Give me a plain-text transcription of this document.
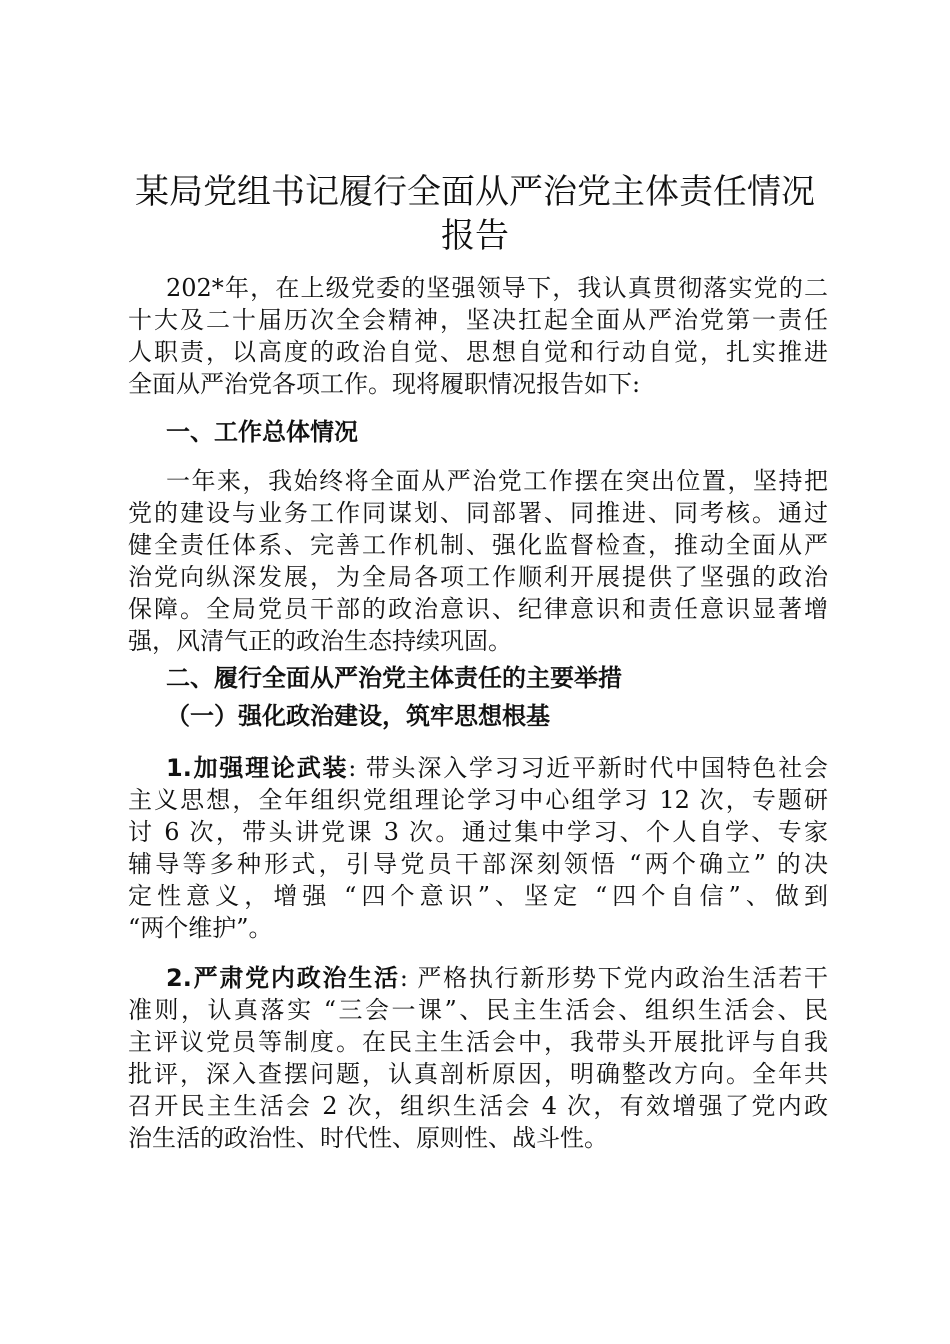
某局党组书记履行全面从严治党主体责任情况
报告
202*年，在上级党委的坚强领导下，我认真贯彻落实党的二
十大及二十届历次全会精神，坚决扛起全面从严治党第一责任
人职责，以高度的政治自觉、思想自觉和行动自觉，扎实推进
全面从严治党各项工作。现将履职情况报告如下:
一、工作总体情况
一年来，我始终将全面从严治党工作摆在突出位置，坚持把
党的建设与业务工作同谋划、同部署、同推进、同考核。通过
健全责任体系、完善工作机制、强化监督检查，推动全面从严
治党向纵深发展，为全局各项工作顺利开展提供了坚强的政治
保障。全局党员干部的政治意识、纪律意识和责任意识显著增
强，风清气正的政治生态持续巩固。
二、履行全面从严治党主体责任的主要举措
（一）强化政治建设，筑牢思想根基
1.加强理论武装: 带头深入学习习近平新时代中国特色社会
主义思想，全年组织党组理论学习中心组学习 12 次，专题研
讨 6 次，带头讲党课 3 次。通过集中学习、个人自学、专家
辅导等多种形式，引导党员干部深刻领悟 “两个确立” 的决
定性意义，增强 “四个意识”、坚定 “四个自信”、做到
“两个维护”。
2.严肃党内政治生活: 严格执行新形势下党内政治生活若干
准则，认真落实 “三会一课”、民主生活会、组织生活会、民
主评议党员等制度。在民主生活会中，我带头开展批评与自我
批评，深入查摆问题，认真剖析原因，明确整改方向。全年共
召开民主生活会 2 次，组织生活会 4 次，有效增强了党内政
治生活的政治性、时代性、原则性、战斗性。
